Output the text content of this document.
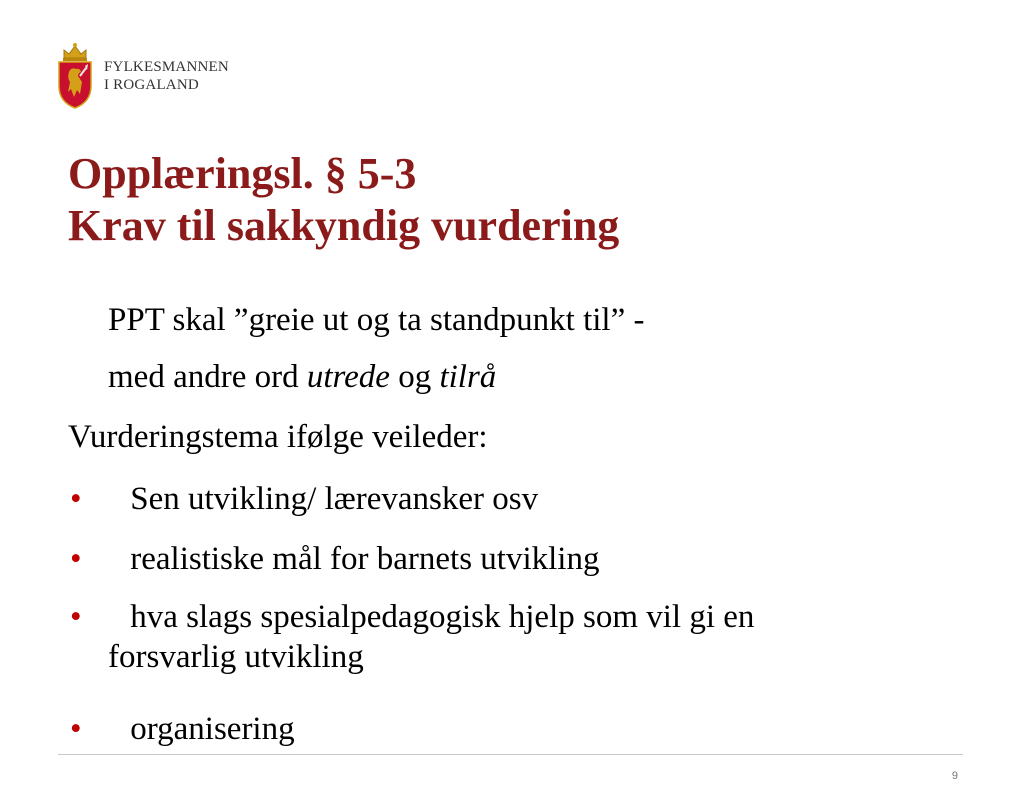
FYLKESMANNEN
I ROGALAND
Opplæringsl. § 5-3
Krav til sakkyndig vurdering
PPT skal ”greie ut og ta standpunkt til” -
med andre ord utrede og tilrå
Vurderingstema ifølge veileder:
• Sen utvikling/ lærevansker osv
• realistiske mål for barnets utvikling
• hva slags spesialpedagogisk hjelp som vil gi en
forsvarlig utvikling
• organisering
9
